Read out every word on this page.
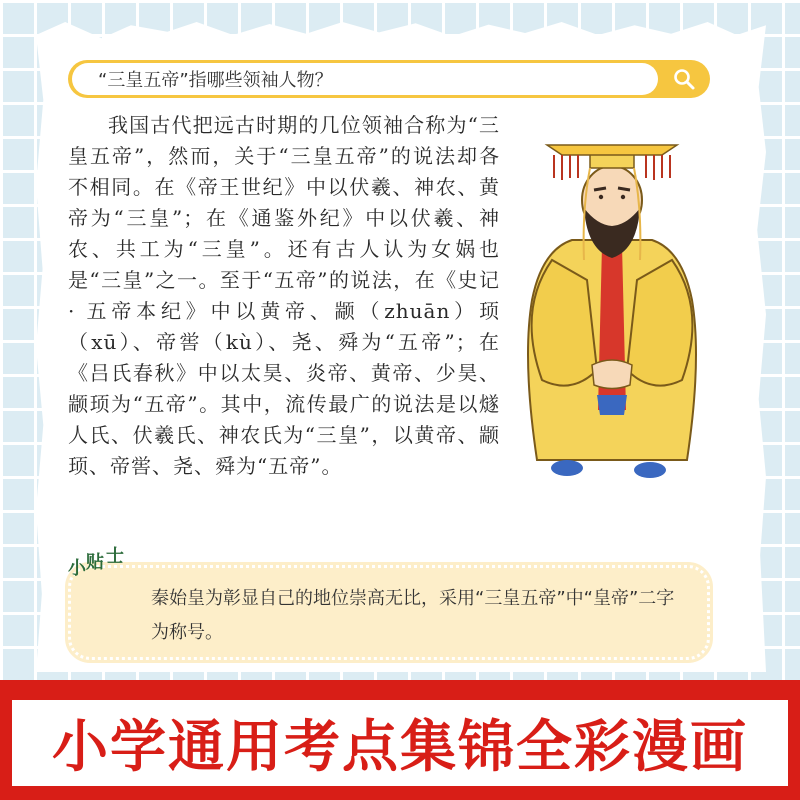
“三皇五帝”指哪些领袖人物？

我国古代把远古时期的几位领袖合称为“三皇五帝”，然而，关于“三皇五帝”的说法却各不相同。在《帝王世纪》中以伏羲、神农、黄帝为“三皇”；在《通鉴外纪》中以伏羲、神农、共工为“三皇”。还有古人认为女娲也是“三皇”之一。至于“五帝”的说法，在《史记 · 五帝本纪》中以黄帝、颛（zhuān）顼（xū）、帝喾（kù）、尧、舜为“五帝”；在《吕氏春秋》中以太昊、炎帝、黄帝、少昊、颛顼为“五帝”。其中，流传最广的说法是以燧人氏、伏羲氏、神农氏为“三皇”，以黄帝、颛顼、帝喾、尧、舜为“五帝”。

秦始皇为彰显自己的地位崇高无比，采用“三皇五帝”中“皇帝”二字为称号。

小 贴 士
小学通用考点集锦全彩漫画
